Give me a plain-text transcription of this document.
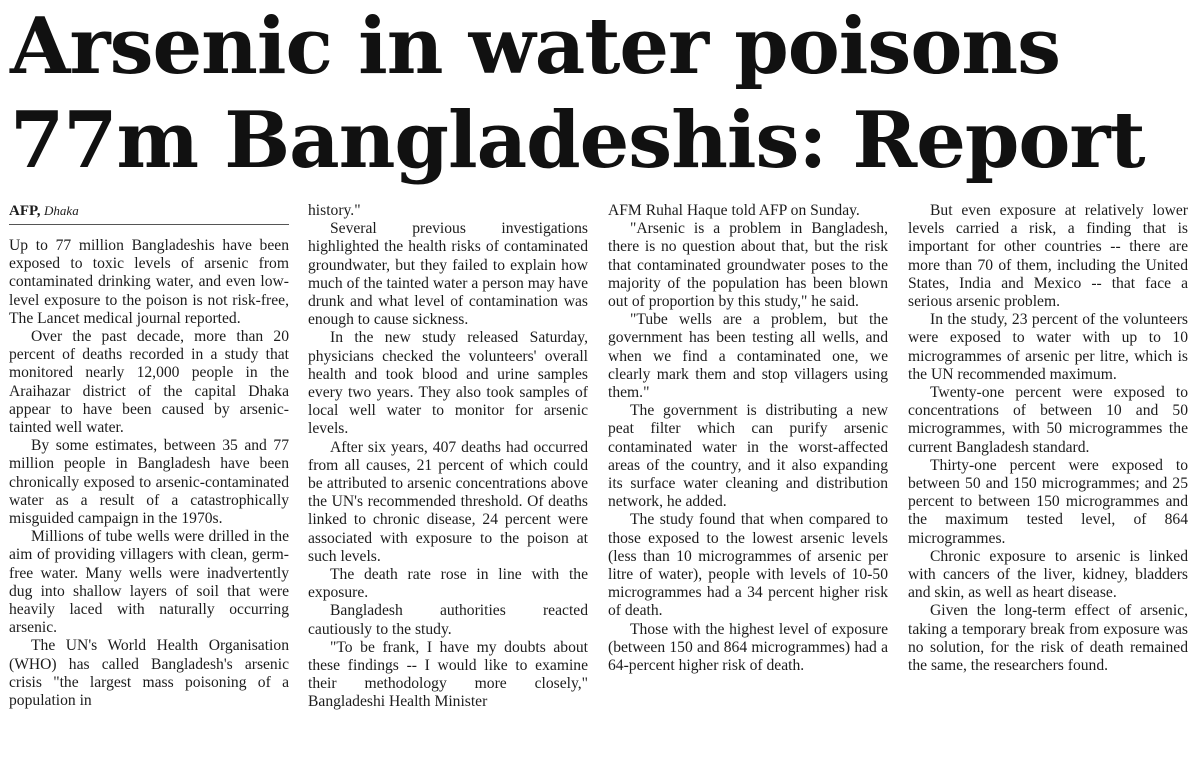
Arsenic in water poisons 77m Bangladeshis: Report
AFP, Dhaka

Up to 77 million Bangladeshis have been exposed to toxic levels of arsenic from contaminated drinking water, and even low-level exposure to the poison is not risk-free, The Lancet medical journal reported.

Over the past decade, more than 20 percent of deaths recorded in a study that monitored nearly 12,000 people in the Araihazar district of the capital Dhaka appear to have been caused by arsenic-tainted well water.

By some estimates, between 35 and 77 million people in Bangladesh have been chronically exposed to arsenic-contaminated water as a result of a catastrophically misguided campaign in the 1970s.

Millions of tube wells were drilled in the aim of providing villagers with clean, germ-free water. Many wells were inadvertently dug into shallow layers of soil that were heavily laced with naturally occurring arsenic.

The UN's World Health Organisation (WHO) has called Bangladesh's arsenic crisis "the largest mass poisoning of a population in

history."

Several previous investigations highlighted the health risks of contaminated groundwater, but they failed to explain how much of the tainted water a person may have drunk and what level of contamination was enough to cause sickness.

In the new study released Saturday, physicians checked the volunteers' overall health and took blood and urine samples every two years. They also took samples of local well water to monitor for arsenic levels.

After six years, 407 deaths had occurred from all causes, 21 percent of which could be attributed to arsenic concentrations above the UN's recommended threshold. Of deaths linked to chronic disease, 24 percent were associated with exposure to the poison at such levels.

The death rate rose in line with the exposure.

Bangladesh authorities reacted cautiously to the study.

"To be frank, I have my doubts about these findings -- I would like to examine their methodology more closely," Bangladeshi Health Minister

AFM Ruhal Haque told AFP on Sunday.

"Arsenic is a problem in Bangladesh, there is no question about that, but the risk that contaminated groundwater poses to the majority of the population has been blown out of proportion by this study," he said.

"Tube wells are a problem, but the government has been testing all wells, and when we find a contaminated one, we clearly mark them and stop villagers using them."

The government is distributing a new peat filter which can purify arsenic contaminated water in the worst-affected areas of the country, and it also expanding its surface water cleaning and distribution network, he added.

The study found that when compared to those exposed to the lowest arsenic levels (less than 10 microgrammes of arsenic per litre of water), people with levels of 10-50 microgrammes had a 34 percent higher risk of death.

Those with the highest level of exposure (between 150 and 864 microgrammes) had a 64-percent higher risk of death.

But even exposure at relatively lower levels carried a risk, a finding that is important for other countries -- there are more than 70 of them, including the United States, India and Mexico -- that face a serious arsenic problem.

In the study, 23 percent of the volunteers were exposed to water with up to 10 microgrammes of arsenic per litre, which is the UN recommended maximum.

Twenty-one percent were exposed to concentrations of between 10 and 50 microgrammes, with 50 microgrammes the current Bangladesh standard.

Thirty-one percent were exposed to between 50 and 150 microgrammes; and 25 percent to between 150 microgrammes and the maximum tested level, of 864 microgrammes.

Chronic exposure to arsenic is linked with cancers of the liver, kidney, bladders and skin, as well as heart disease.

Given the long-term effect of arsenic, taking a temporary break from exposure was no solution, for the risk of death remained the same, the researchers found.
